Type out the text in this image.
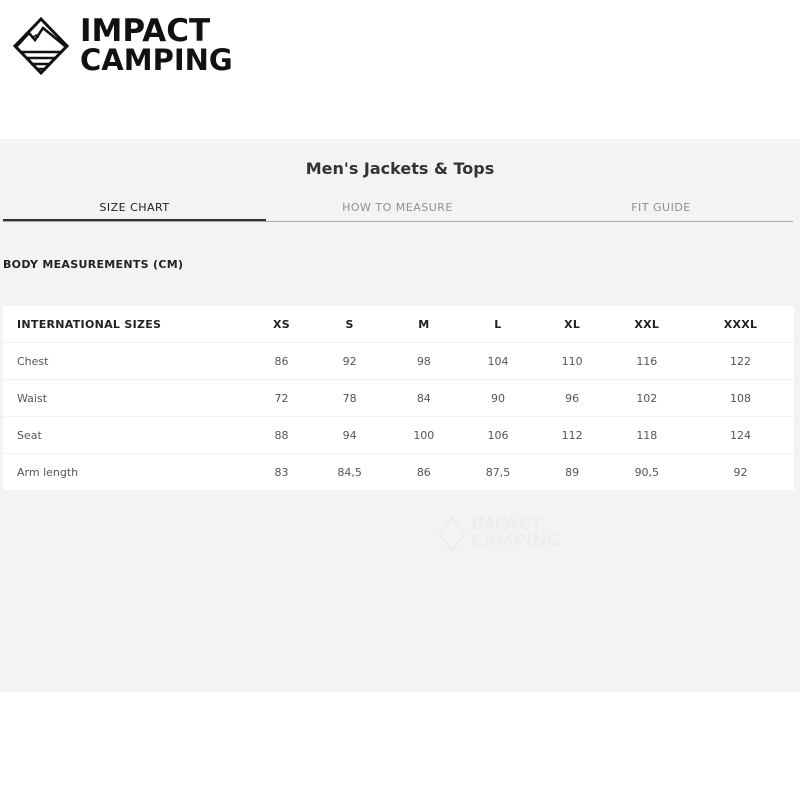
IMPACT
CAMPING
Men's Jackets & Tops
SIZE CHART	HOW TO MEASURE	FIT GUIDE
BODY MEASUREMENTS (CM)
INTERNATIONAL SIZES	XS	S	M	L	XL	XXL	XXXL
Chest	86	92	98	104	110	116	122
Waist	72	78	84	90	96	102	108
Seat	88	94	100	106	112	118	124
Arm length	83	84,5	86	87,5	89	90,5	92
IMPACT
CAMPING
